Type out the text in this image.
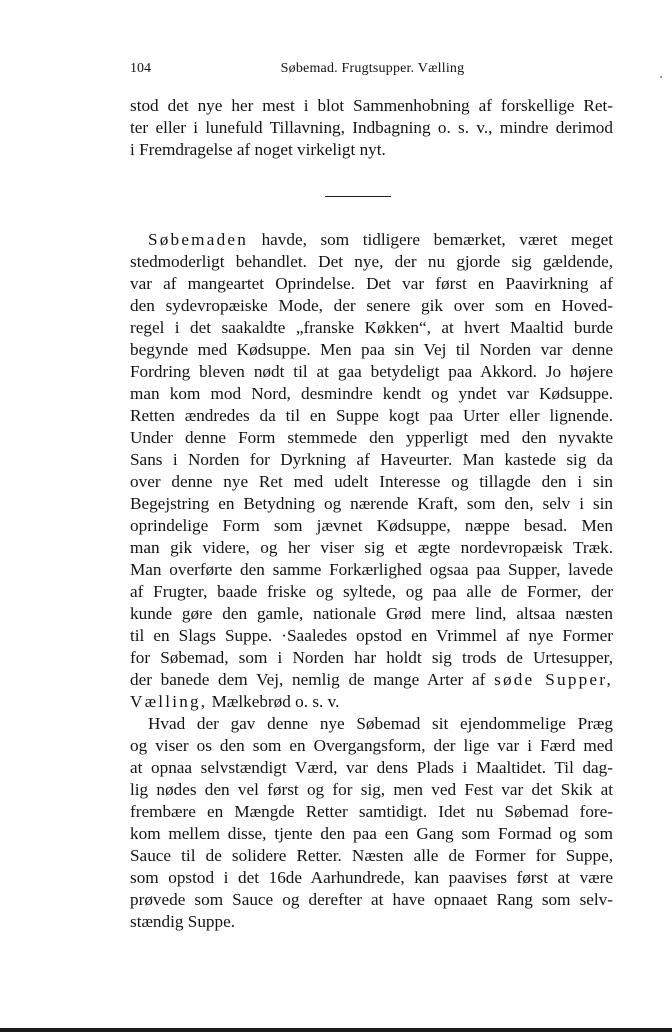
104	Søbemad. Frugtsupper. Vælling
stod det nye her mest i blot Sammenhobning af forskellige Ret-
ter eller i lunefuld Tillavning, Indbagning o. s. v., mindre derimod
i Fremdragelse af noget virkeligt nyt.
Søbemaden havde, som tidligere bemærket, været meget
stedmoderligt behandlet. Det nye, der nu gjorde sig gældende,
var af mangeartet Oprindelse. Det var først en Paavirkning af
den sydevropæiske Mode, der senere gik over som en Hoved-
regel i det saakaldte „franske Køkken“, at hvert Maaltid burde
begynde med Kødsuppe. Men paa sin Vej til Norden var denne
Fordring bleven nødt til at gaa betydeligt paa Akkord. Jo højere
man kom mod Nord, desmindre kendt og yndet var Kødsuppe.
Retten ændredes da til en Suppe kogt paa Urter eller lignende.
Under denne Form stemmede den ypperligt med den nyvakte
Sans i Norden for Dyrkning af Haveurter. Man kastede sig da
over denne nye Ret med udelt Interesse og tillagde den i sin
Begejstring en Betydning og nærende Kraft, som den, selv i sin
oprindelige Form som jævnet Kødsuppe, næppe besad. Men
man gik videre, og her viser sig et ægte nordevropæisk Træk.
Man overførte den samme Forkærlighed ogsaa paa Supper, lavede
af Frugter, baade friske og syltede, og paa alle de Former, der
kunde gøre den gamle, nationale Grød mere lind, altsaa næsten
til en Slags Suppe. ·Saaledes opstod en Vrimmel af nye Former
for Søbemad, som i Norden har holdt sig trods de Urtesupper,
der banede dem Vej, nemlig de mange Arter af søde Supper,
Vælling, Mælkebrød o. s. v.
Hvad der gav denne nye Søbemad sit ejendommelige Præg
og viser os den som en Overgangsform, der lige var i Færd med
at opnaa selvstændigt Værd, var dens Plads i Maaltidet. Til dag-
lig nødes den vel først og for sig, men ved Fest var det Skik at
frembære en Mængde Retter samtidigt. Idet nu Søbemad fore-
kom mellem disse, tjente den paa een Gang som Formad og som
Sauce til de solidere Retter. Næsten alle de Former for Suppe,
som opstod i det 16de Aarhundrede, kan paavises først at være
prøvede som Sauce og derefter at have opnaaet Rang som selv-
stændig Suppe.
